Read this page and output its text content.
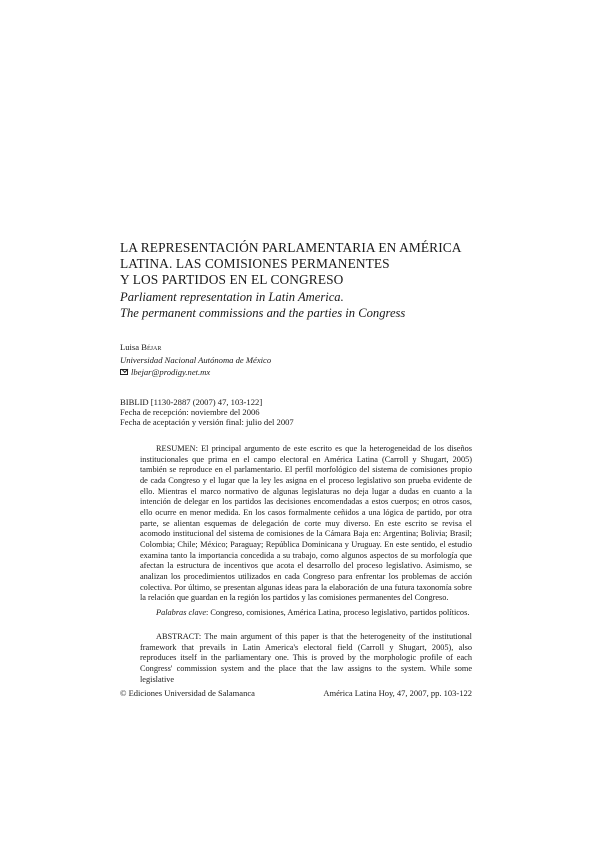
LA REPRESENTACIÓN PARLAMENTARIA EN AMÉRICA
LATINA. LAS COMISIONES PERMANENTES
Y LOS PARTIDOS EN EL CONGRESO
Parliament representation in Latin America.
The permanent commissions and the parties in Congress
Luisa Béjar
Universidad Nacional Autónoma de México
lbejar@prodigy.net.mx
BIBLID [1130-2887 (2007) 47, 103-122]
Fecha de recepción: noviembre del 2006
Fecha de aceptación y versión final: julio del 2007

RESUMEN: El principal argumento de este escrito es que la heterogeneidad de los diseños institucionales que prima en el campo electoral en América Latina (Carroll y Shugart, 2005) también se reproduce en el parlamentario. El perfil morfológico del sistema de comisiones propio de cada Congreso y el lugar que la ley les asigna en el proceso legislativo son prueba evidente de ello. Mientras el marco normativo de algunas legislaturas no deja lugar a dudas en cuanto a la intención de delegar en los partidos las decisiones encomendadas a estos cuerpos; en otros casos, ello ocurre en menor medida. En los casos formalmente ceñidos a una lógica de partido, por otra parte, se alientan esquemas de delegación de corte muy diverso. En este escrito se revisa el acomodo institucional del sistema de comisiones de la Cámara Baja en: Argentina; Bolivia; Brasil; Colombia; Chile; México; Paraguay; República Dominicana y Uruguay. En este sentido, el estudio examina tanto la importancia concedida a su trabajo, como algunos aspectos de su morfología que afectan la estructura de incentivos que acota el desarrollo del proceso legislativo. Asimismo, se analizan los procedimientos utilizados en cada Congreso para enfrentar los problemas de acción colectiva. Por último, se presentan algunas ideas para la elaboración de una futura taxonomía sobre la relación que guardan en la región los partidos y las comisiones permanentes del Congreso.

Palabras clave: Congreso, comisiones, América Latina, proceso legislativo, partidos políticos.

ABSTRACT: The main argument of this paper is that the heterogeneity of the institutional framework that prevails in Latin America's electoral field (Carroll y Shugart, 2005), also reproduces itself in the parliamentary one. This is proved by the morphologic profile of each Congress' commission system and the place that the law assigns to the system. While some legislative

© Ediciones Universidad de Salamanca	América Latina Hoy, 47, 2007, pp. 103-122
